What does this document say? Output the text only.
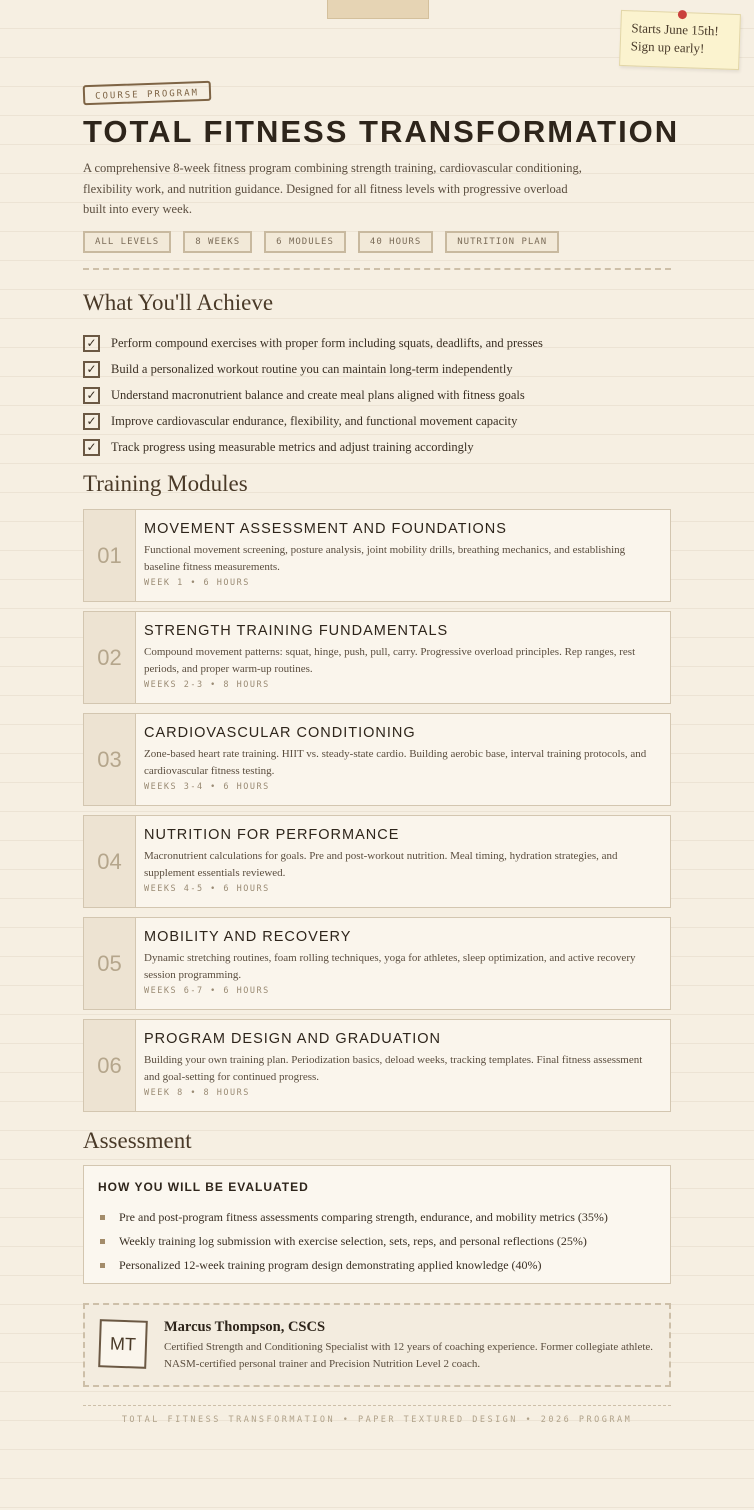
Starts June 15th!
Sign up early!
COURSE PROGRAM
TOTAL FITNESS TRANSFORMATION
A comprehensive 8-week fitness program combining strength training, cardiovascular conditioning, flexibility work, and nutrition guidance. Designed for all fitness levels with progressive overload built into every week.
ALL LEVELS	8 WEEKS	6 MODULES	40 HOURS	NUTRITION PLAN
What You'll Achieve
✓ Perform compound exercises with proper form including squats, deadlifts, and presses
✓ Build a personalized workout routine you can maintain long-term independently
✓ Understand macronutrient balance and create meal plans aligned with fitness goals
✓ Improve cardiovascular endurance, flexibility, and functional movement capacity
✓ Track progress using measurable metrics and adjust training accordingly
Training Modules
01
MOVEMENT ASSESSMENT AND FOUNDATIONS
Functional movement screening, posture analysis, joint mobility drills, breathing mechanics, and establishing baseline fitness measurements.
WEEK 1 • 6 HOURS
02
STRENGTH TRAINING FUNDAMENTALS
Compound movement patterns: squat, hinge, push, pull, carry. Progressive overload principles. Rep ranges, rest periods, and proper warm-up routines.
WEEKS 2-3 • 8 HOURS
03
CARDIOVASCULAR CONDITIONING
Zone-based heart rate training. HIIT vs. steady-state cardio. Building aerobic base, interval training protocols, and cardiovascular fitness testing.
WEEKS 3-4 • 6 HOURS
04
NUTRITION FOR PERFORMANCE
Macronutrient calculations for goals. Pre and post-workout nutrition. Meal timing, hydration strategies, and supplement essentials reviewed.
WEEKS 4-5 • 6 HOURS
05
MOBILITY AND RECOVERY
Dynamic stretching routines, foam rolling techniques, yoga for athletes, sleep optimization, and active recovery session programming.
WEEKS 6-7 • 6 HOURS
06
PROGRAM DESIGN AND GRADUATION
Building your own training plan. Periodization basics, deload weeks, tracking templates. Final fitness assessment and goal-setting for continued progress.
WEEK 8 • 8 HOURS
Assessment
HOW YOU WILL BE EVALUATED
Pre and post-program fitness assessments comparing strength, endurance, and mobility metrics (35%)
Weekly training log submission with exercise selection, sets, reps, and personal reflections (25%)
Personalized 12-week training program design demonstrating applied knowledge (40%)
MT
Marcus Thompson, CSCS
Certified Strength and Conditioning Specialist with 12 years of coaching experience. Former collegiate athlete. NASM-certified personal trainer and Precision Nutrition Level 2 coach.
TOTAL FITNESS TRANSFORMATION • PAPER TEXTURED DESIGN • 2026 PROGRAM
